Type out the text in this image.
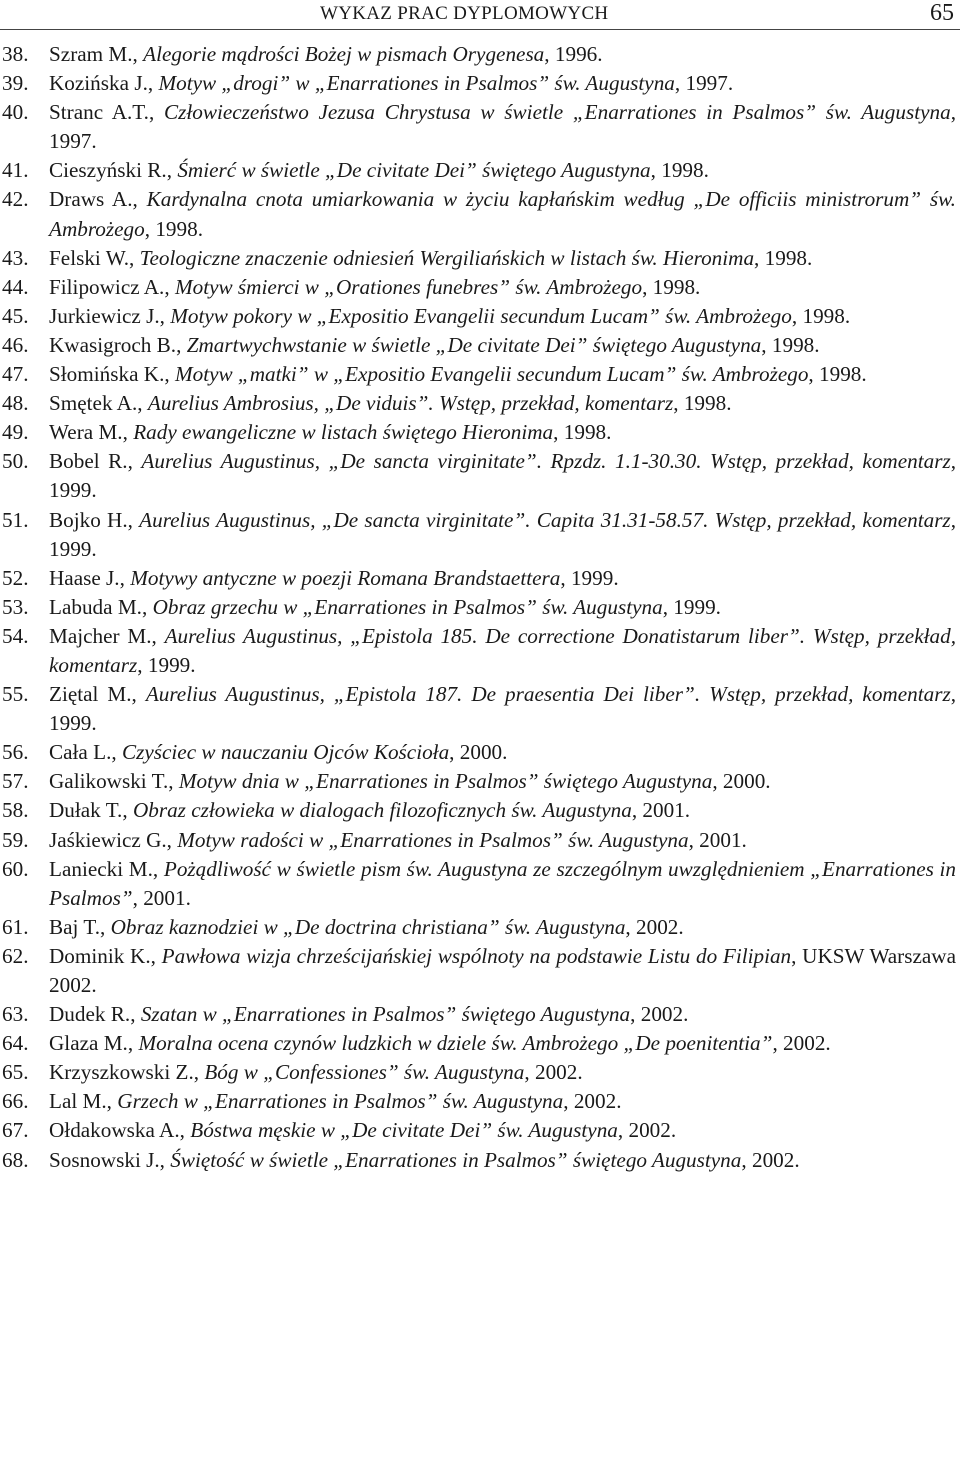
WYKAZ PRAC DYPLOMOWYCH	65
38. Szram M., Alegorie mądrości Bożej w pismach Orygenesa, 1996.
39. Kozińska J., Motyw „drogi” w „Enarrationes in Psalmos” św. Augustyna, 1997.
40. Stranc A.T., Człowieczeństwo Jezusa Chrystusa w świetle „Enarrationes in Psalmos” św. Augustyna, 1997.
41. Cieszyński R., Śmierć w świetle „De civitate Dei” świętego Augustyna, 1998.
42. Draws A., Kardynalna cnota umiarkowania w życiu kapłańskim według „De officiis ministrorum” św. Ambrożego, 1998.
43. Felski W., Teologiczne znaczenie odniesień Wergiliańskich w listach św. Hieronima, 1998.
44. Filipowicz A., Motyw śmierci w „Orationes funebres” św. Ambrożego, 1998.
45. Jurkiewicz J., Motyw pokory w „Expositio Evangelii secundum Lucam” św. Ambrożego, 1998.
46. Kwasigroch B., Zmartwychwstanie w świetle „De civitate Dei” świętego Augustyna, 1998.
47. Słomińska K., Motyw „matki” w „Expositio Evangelii secundum Lucam” św. Ambrożego, 1998.
48. Smętek A., Aurelius Ambrosius, „De viduis”. Wstęp, przekład, komentarz, 1998.
49. Wera M., Rady ewangeliczne w listach świętego Hieronima, 1998.
50. Bobel R., Aurelius Augustinus, „De sancta virginitate”. Rpzdz. 1.1-30.30. Wstęp, przekład, komentarz, 1999.
51. Bojko H., Aurelius Augustinus, „De sancta virginitate”. Capita 31.31-58.57. Wstęp, przekład, komentarz, 1999.
52. Haase J., Motywy antyczne w poezji Romana Brandstaettera, 1999.
53. Labuda M., Obraz grzechu w „Enarrationes in Psalmos” św. Augustyna, 1999.
54. Majcher M., Aurelius Augustinus, „Epistola 185. De correctione Donatistarum liber”. Wstęp, przekład, komentarz, 1999.
55. Ziętal M., Aurelius Augustinus, „Epistola 187. De praesentia Dei liber”. Wstęp, przekład, komentarz, 1999.
56. Cała L., Czyściec w nauczaniu Ojców Kościoła, 2000.
57. Galikowski T., Motyw dnia w „Enarrationes in Psalmos” świętego Augustyna, 2000.
58. Dułak T., Obraz człowieka w dialogach filozoficznych św. Augustyna, 2001.
59. Jaśkiewicz G., Motyw radości w „Enarrationes in Psalmos” św. Augustyna, 2001.
60. Laniecki M., Pożądliwość w świetle pism św. Augustyna ze szczególnym uwzględnieniem „Enarrationes in Psalmos”, 2001.
61. Baj T., Obraz kaznodziei w „De doctrina christiana” św. Augustyna, 2002.
62. Dominik K., Pawłowa wizja chrześcijańskiej wspólnoty na podstawie Listu do Filipian, UKSW Warszawa 2002.
63. Dudek R., Szatan w „Enarrationes in Psalmos” świętego Augustyna, 2002.
64. Glaza M., Moralna ocena czynów ludzkich w dziele św. Ambrożego „De poenitentia”, 2002.
65. Krzyszkowski Z., Bóg w „Confessiones” św. Augustyna, 2002.
66. Lal M., Grzech w „Enarrationes in Psalmos” św. Augustyna, 2002.
67. Ołdakowska A., Bóstwa męskie w „De civitate Dei” św. Augustyna, 2002.
68. Sosnowski J., Świętość w świetle „Enarrationes in Psalmos” świętego Augustyna, 2002.
